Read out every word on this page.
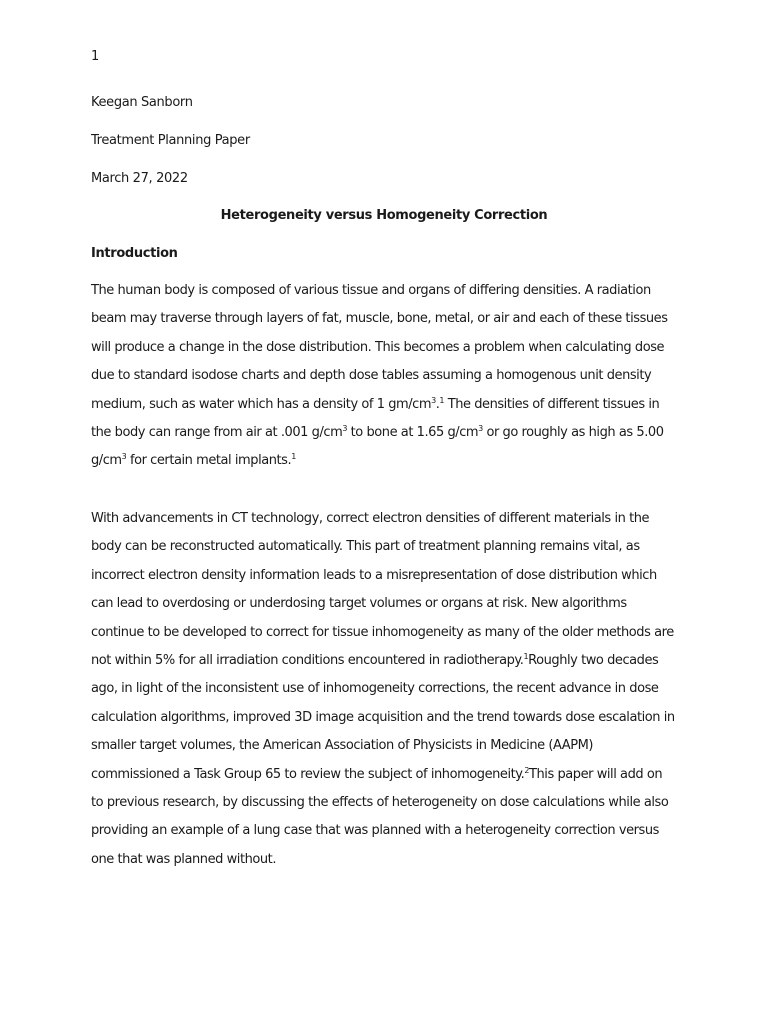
1
Keegan Sanborn
Treatment Planning Paper
March 27, 2022
Heterogeneity versus Homogeneity Correction
Introduction
The human body is composed of various tissue and organs of differing densities. A radiation
beam may traverse through layers of fat, muscle, bone, metal, or air and each of these tissues
will produce a change in the dose distribution. This becomes a problem when calculating dose
due to standard isodose charts and depth dose tables assuming a homogenous unit density
medium, such as water which has a density of 1 $gm/cm^3.^1$ The densities of different tissues in
the body can range from air at .001 $g/cm^3$ to bone at 1.65 $g/cm^3$ or go roughly as high as 5.00
$g/cm^3$ for certain metal implants.$^1$
With advancements in CT technology, correct electron densities of different materials in the
body can be reconstructed automatically. This part of treatment planning remains vital, as
incorrect electron density information leads to a misrepresentation of dose distribution which
can lead to overdosing or underdosing target volumes or organs at risk. New algorithms
continue to be developed to correct for tissue inhomogeneity as many of the older methods are
not within 5% for all irradiation conditions encountered in radiotherapy.$^1$Roughly two decades
ago, in light of the inconsistent use of inhomogeneity corrections, the recent advance in dose
calculation algorithms, improved 3D image acquisition and the trend towards dose escalation in
smaller target volumes, the American Association of Physicists in Medicine (AAPM)
commissioned a Task Group 65 to review the subject of inhomogeneity.$^2$This paper will add on
to previous research, by discussing the effects of heterogeneity on dose calculations while also
providing an example of a lung case that was planned with a heterogeneity correction versus
one that was planned without.
